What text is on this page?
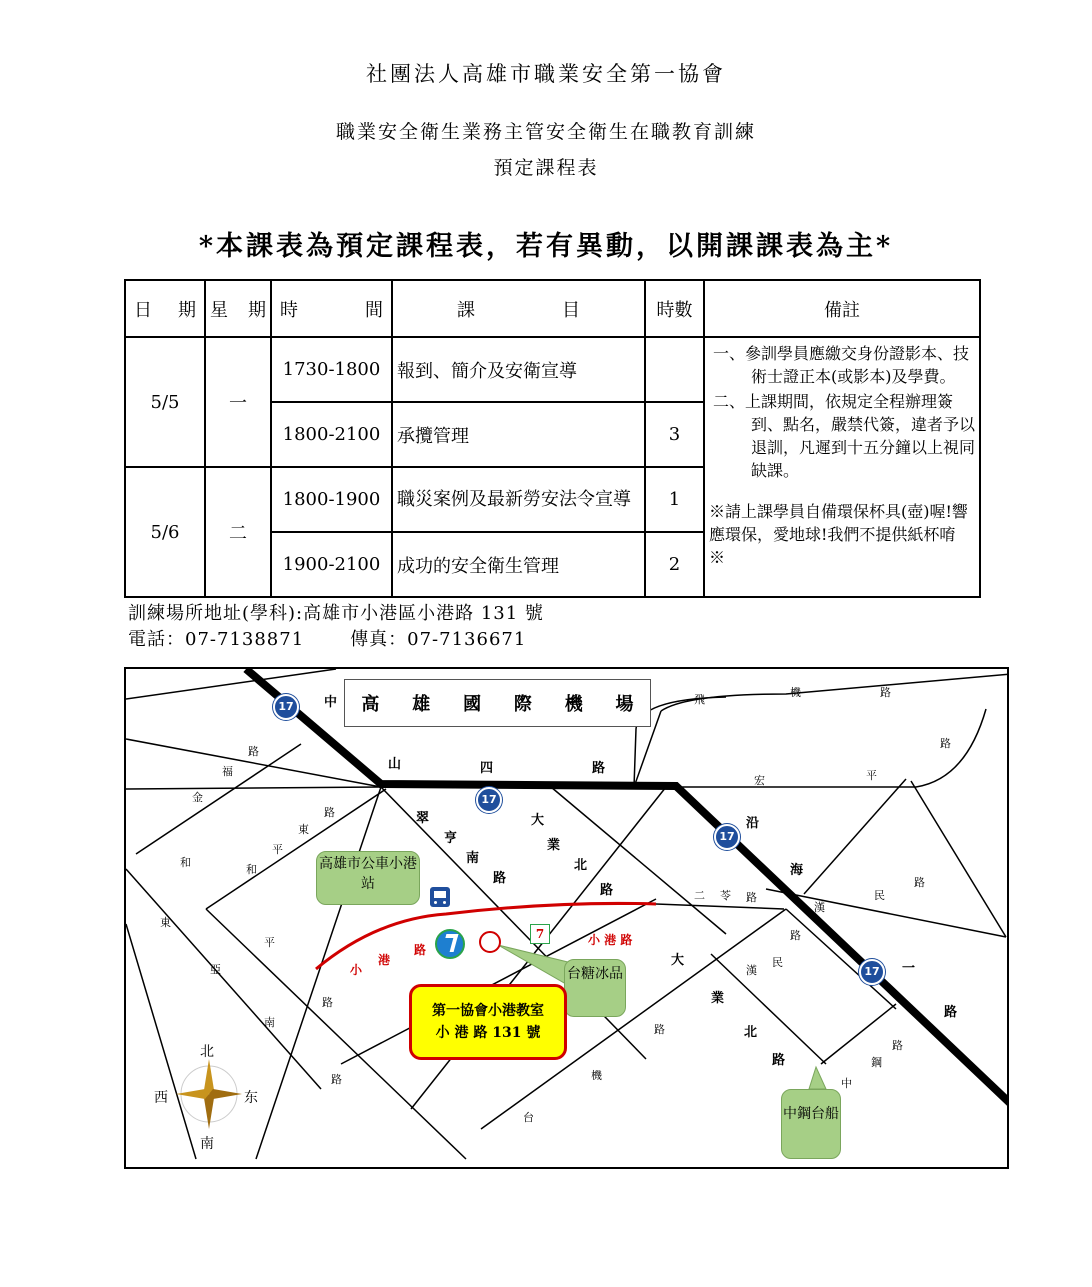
社團法人高雄市職業安全第一協會
職業安全衛生業務主管安全衛生在職教育訓練
預定課程表
*本課表為預定課程表，若有異動，以開課課表為主*
日 期	星 期	時 間	課 目	時數	備註
5/5	一	1730-1800	報到、簡介及安衛宣導		一、參訓學員應繳交身份證影本、技術士證正本(或影本)及學費。
二、上課期間，依規定全程辦理簽到、點名，嚴禁代簽，違者予以退訓，凡遲到十五分鐘以上視同缺課。
※請上課學員自備環保杯具(壺)喔!響應環保，愛地球!我們不提供紙杯唷 ※

		1800-2100	承攬管理	3	
5/6	二	1800-1900	職災案例及最新勞安法令宣導	1	
		1900-2100	成功的安全衛生管理	2	
訓練場所地址(學科):高雄市小港區小港路 131 號
電話：07-7138871	傳真：07-7136671
高 雄 國 際 機 場
17
17
17
17
中
山	四	路
翠
亨
南
路
大
業
北
路
沿
海
一
路
大
業
北
路
飛
機	路
路
宏	平
二 苓 路
漢
民
路
路
民
漢
路
路
鋼
中
機
台
路
福
金
和
和
平
東
路
東
亞
平
南
路
路
小
港
路
小 港 路
高雄市公車小港站
7
台糖冰品
中鋼台船
第一協會小港教室
小 港 路 131 號
北
南
西	东
